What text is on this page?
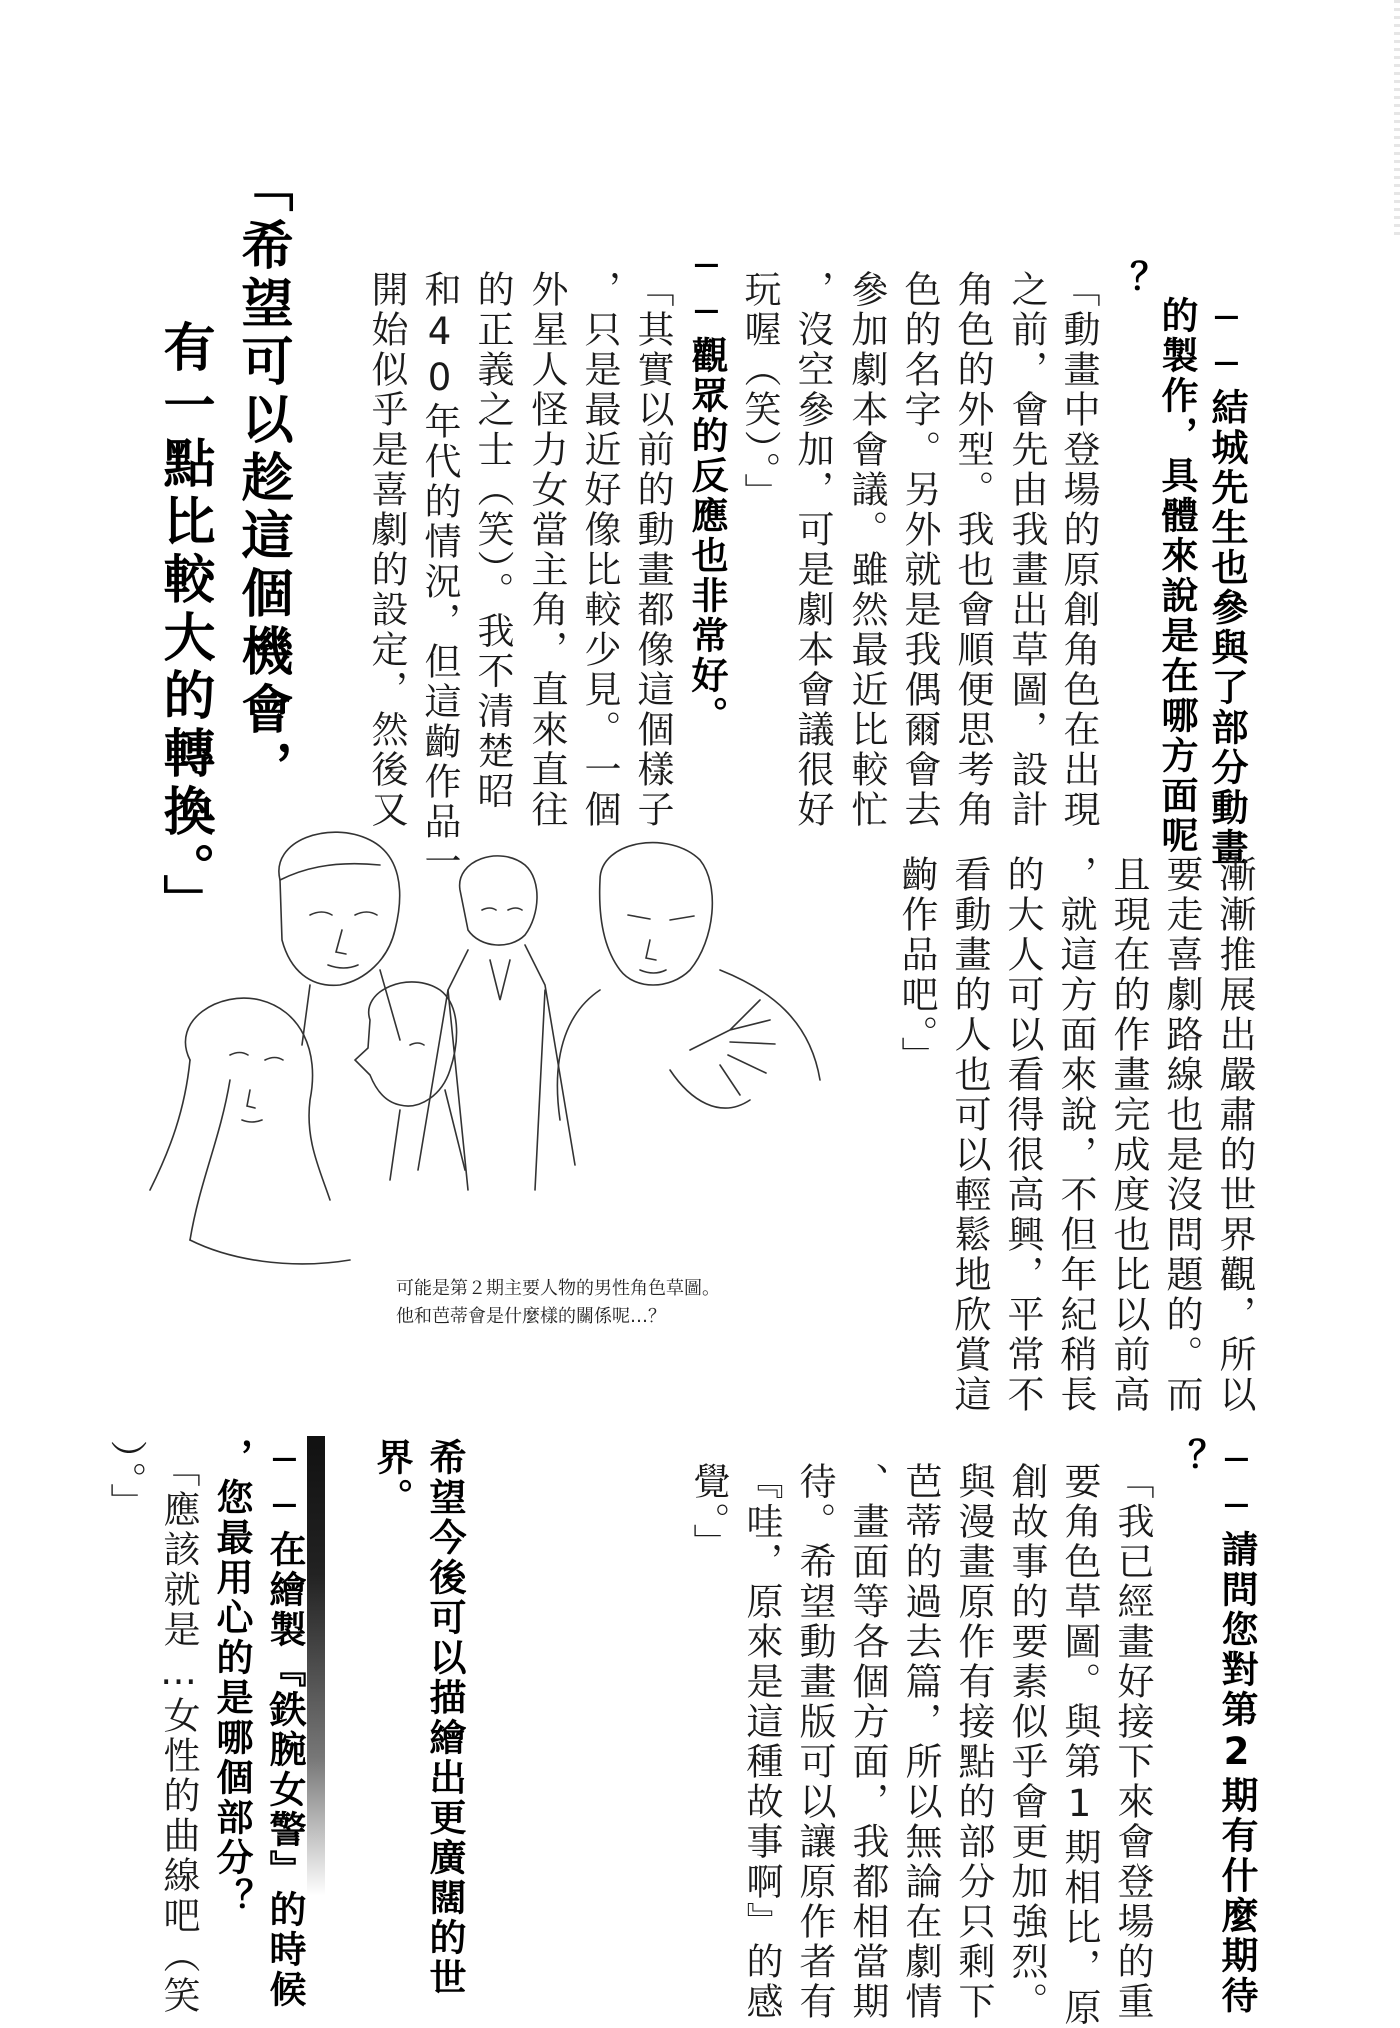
──結城先生也參與了部分動畫
的製作，具體來說是在哪方面呢
？
「動畫中登場的原創角色在出現
之前，會先由我畫出草圖，設計
角色的外型。我也會順便思考角
色的名字。另外就是我偶爾會去
參加劇本會議。雖然最近比較忙
，沒空參加，可是劇本會議很好
玩喔（笑）。」
──觀眾的反應也非常好。
「其實以前的動畫都像這個樣子
，只是最近好像比較少見。一個
外星人怪力女當主角，直來直往
的正義之士（笑）。我不清楚昭
和40年代的情況，但這齣作品一
開始似乎是喜劇的設定，然後又
「希望可以趁這個機會，
有一點比較大的轉換。」
漸漸推展出嚴肅的世界觀，所以
要走喜劇路線也是沒問題的。而
且現在的作畫完成度也比以前高
，就這方面來說，不但年紀稍長
的大人可以看得很高興，平常不
看動畫的人也可以輕鬆地欣賞這
齣作品吧。」
可能是第２期主要人物的男性角色草圖。
他和芭蒂會是什麼樣的關係呢…？
──請問您對第2期有什麼期待
？
「我已經畫好接下來會登場的重
要角色草圖。與第1期相比，原
創故事的要素似乎會更加強烈。
與漫畫原作有接點的部分只剩下
芭蒂的過去篇，所以無論在劇情
、畫面等各個方面，我都相當期
待。希望動畫版可以讓原作者有
『哇，原來是這種故事啊』的感
覺。」
希望今後可以描繪出更廣闊的世
界。
──在繪製『鉄腕女警』的時候
，您最用心的是哪個部分？
「應該就是…女性的曲線吧（笑
）。」
